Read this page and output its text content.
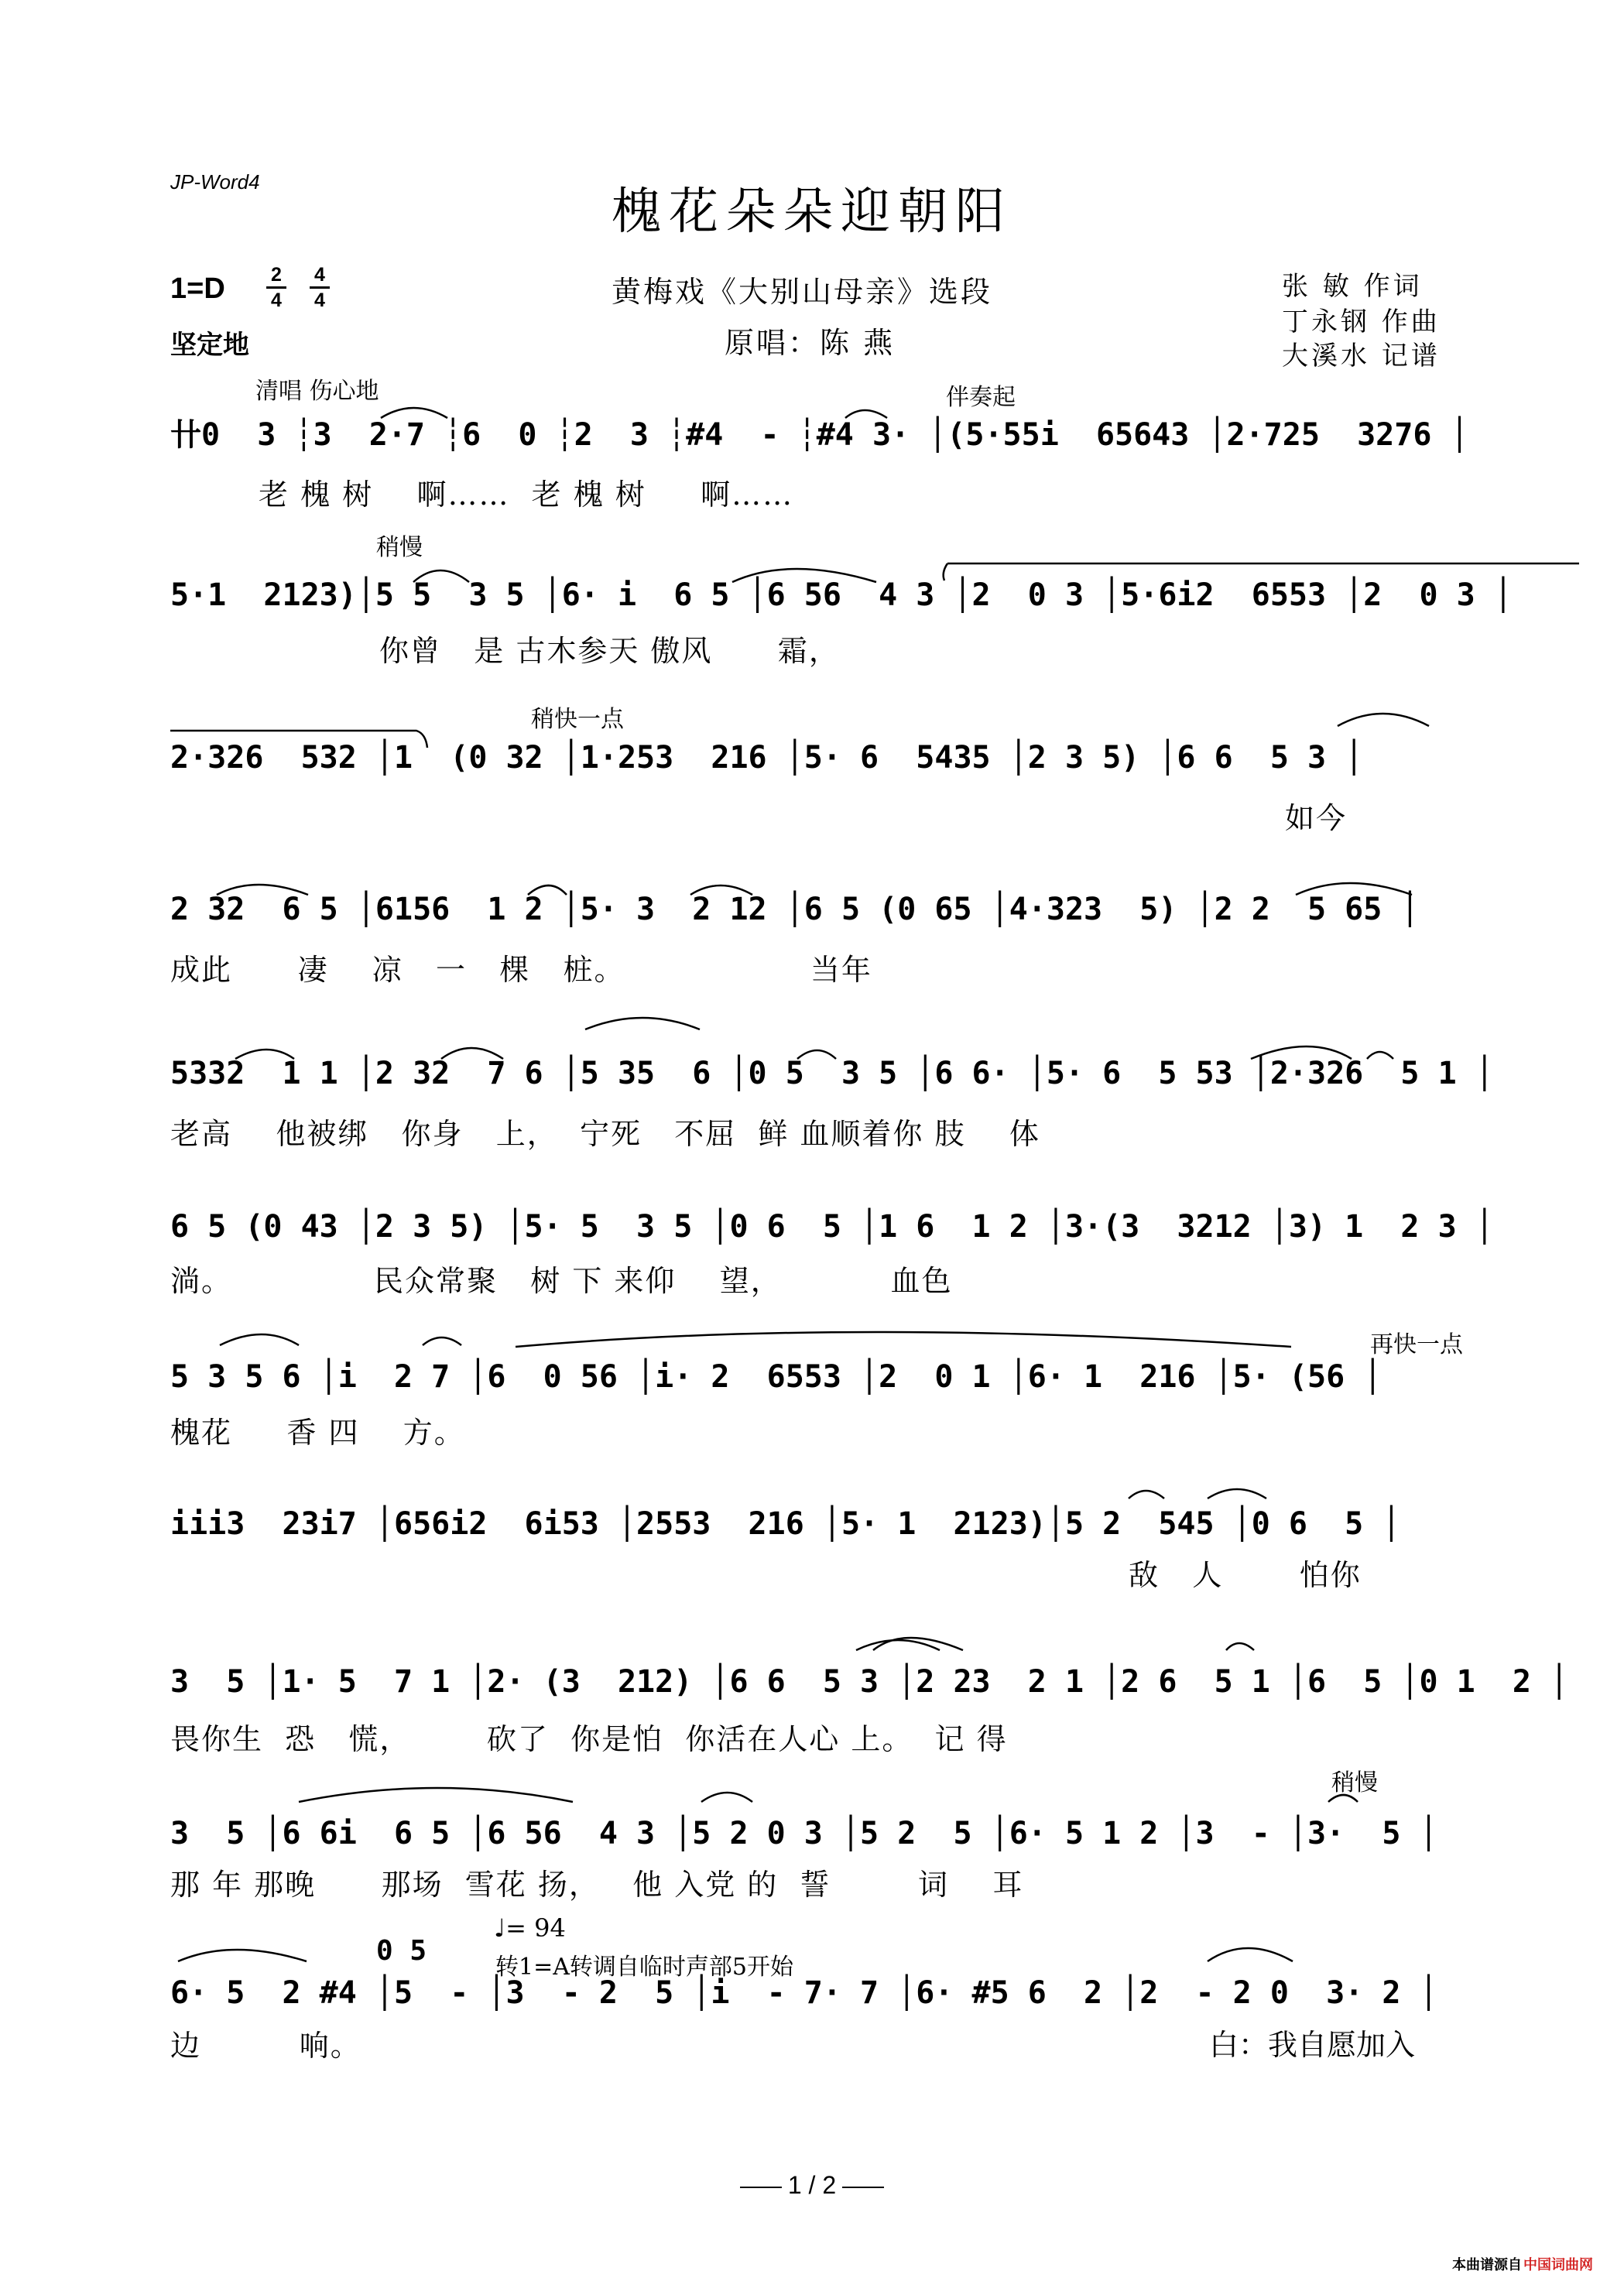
JP-Word4
槐花朵朵迎朝阳
1=D 2
4
4
4
坚定地
黄梅戏《大别山母亲》选段
原唱：陈 燕
张 敏 作词
丁永钢 作曲
大溪水 记谱
清唱 伤心地	伴奏起
卄0  3 ┆3  2·7 ┆6  0 ┆2  3 ┆#4  - ┆#4 3· │(5·55i  65643 │2·725  3276 │
老 槐 树    啊……  老 槐 树     啊……
稍慢
5·1  2123)│5 5  3 5 │6· i  6 5 │6 56  4 3 │2  0 3 │5·6i2  6553 │2  0 3 │
你曾   是 古木参天 傲风      霜，
稍快一点
2·326  532 │1  (0 32 │1·253  216 │5· 6  5435 │2 3 5) │6 6  5 3 │
如今
2 32  6 5 │6156  1 2 │5· 3  2 12 │6 5 (0 65 │4·323  5) │2 2  5 65 │
成此      凄    凉   一   棵   桩。                 当年
5332  1 1 │2 32  7 6 │5 35  6 │0 5  3 5 │6 6· │5· 6  5 53 │2·326  5 1 │
老高    他被绑   你身   上，  宁死   不屈  鲜 血顺着你 肢    体
6 5 (0 43 │2 3 5) │5· 5  3 5 │0 6  5 │1 6  1 2 │3·(3  3212 │3) 1  2 3 │
淌。             民众常聚   树 下 来仰    望，          血色
再快一点
5 3 5 6 │i  2 7 │6  0 56 │i· 2  6553 │2  0 1 │6· 1  216 │5· (56 │
槐花     香 四    方。
iii3  23i7 │656i2  6i53 │2553  216 │5· 1  2123)│5 2  545 │0 6  5 │
敌   人       怕你
3  5 │1· 5  7 1 │2· (3  212) │6 6  5 3 │2 23  2 1 │2 6  5 1 │6  5 │0 1  2 │
畏你生  恐   慌，       砍了  你是怕  你活在人心 上。  记 得
稍慢
3  5 │6 6i  6 5 │6 56  4 3 │5 2 0 3 │5 2  5 │6· 5 1 2 │3  - │3·  5 │
那 年 那晚      那场  雪花 扬，   他 入党 的  誓        词    耳
0 5
♩= 94
转1=A转调自临时声部5开始
6· 5  2 #4 │5  - │3  - 2  5 │i  - 7· 7 │6· #5 6  2 │2  - 2 0  3· 2 │
边         响。	白：我自愿加入
1 / 2
本曲谱源自 中国词曲网
